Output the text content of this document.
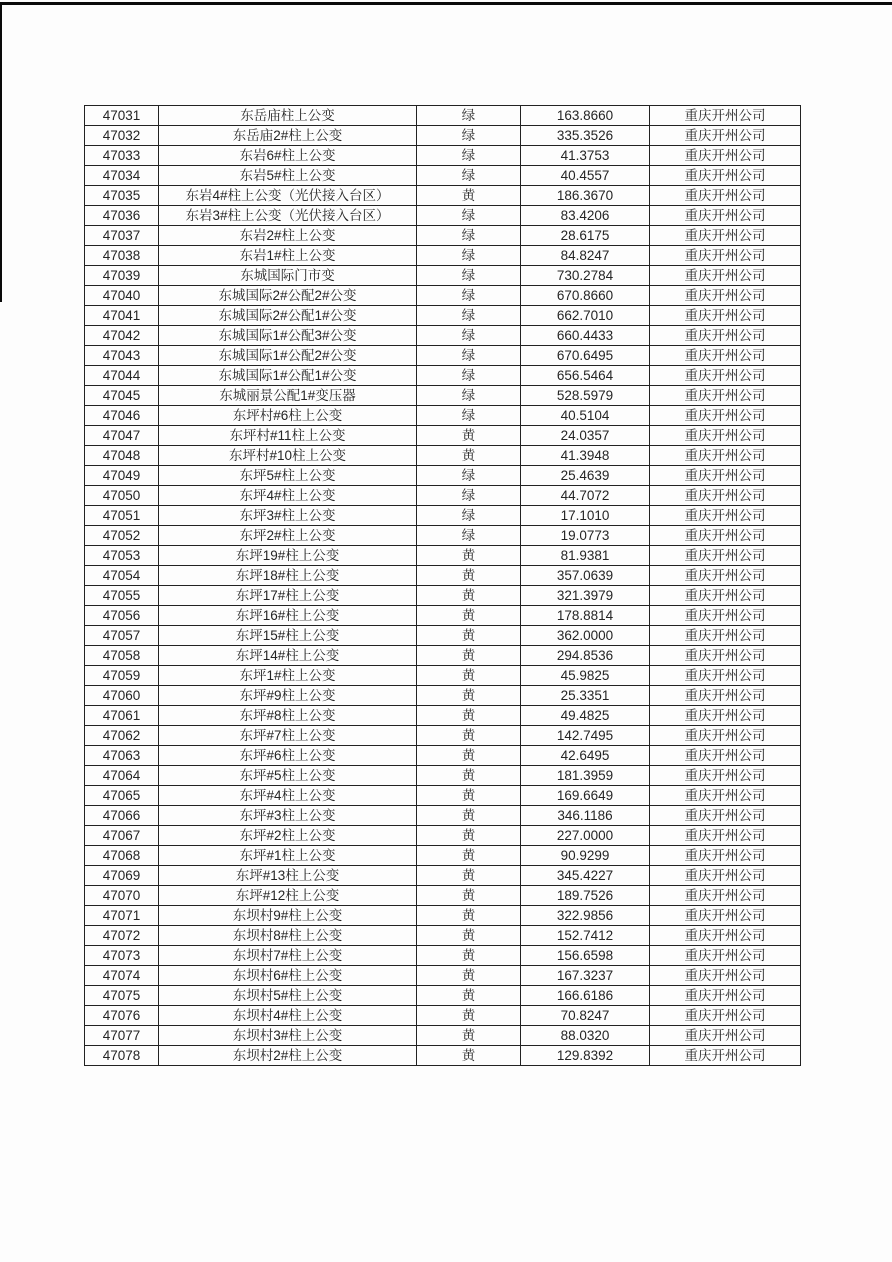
47031	东岳庙柱上公变	绿	163.8660	重庆开州公司
47032	东岳庙2#柱上公变	绿	335.3526	重庆开州公司
47033	东岩6#柱上公变	绿	41.3753	重庆开州公司
47034	东岩5#柱上公变	绿	40.4557	重庆开州公司
47035	东岩4#柱上公变（光伏接入台区）	黄	186.3670	重庆开州公司
47036	东岩3#柱上公变（光伏接入台区）	绿	83.4206	重庆开州公司
47037	东岩2#柱上公变	绿	28.6175	重庆开州公司
47038	东岩1#柱上公变	绿	84.8247	重庆开州公司
47039	东城国际门市变	绿	730.2784	重庆开州公司
47040	东城国际2#公配2#公变	绿	670.8660	重庆开州公司
47041	东城国际2#公配1#公变	绿	662.7010	重庆开州公司
47042	东城国际1#公配3#公变	绿	660.4433	重庆开州公司
47043	东城国际1#公配2#公变	绿	670.6495	重庆开州公司
47044	东城国际1#公配1#公变	绿	656.5464	重庆开州公司
47045	东城丽景公配1#变压器	绿	528.5979	重庆开州公司
47046	东坪村#6柱上公变	绿	40.5104	重庆开州公司
47047	东坪村#11柱上公变	黄	24.0357	重庆开州公司
47048	东坪村#10柱上公变	黄	41.3948	重庆开州公司
47049	东坪5#柱上公变	绿	25.4639	重庆开州公司
47050	东坪4#柱上公变	绿	44.7072	重庆开州公司
47051	东坪3#柱上公变	绿	17.1010	重庆开州公司
47052	东坪2#柱上公变	绿	19.0773	重庆开州公司
47053	东坪19#柱上公变	黄	81.9381	重庆开州公司
47054	东坪18#柱上公变	黄	357.0639	重庆开州公司
47055	东坪17#柱上公变	黄	321.3979	重庆开州公司
47056	东坪16#柱上公变	黄	178.8814	重庆开州公司
47057	东坪15#柱上公变	黄	362.0000	重庆开州公司
47058	东坪14#柱上公变	黄	294.8536	重庆开州公司
47059	东坪1#柱上公变	黄	45.9825	重庆开州公司
47060	东坪#9柱上公变	黄	25.3351	重庆开州公司
47061	东坪#8柱上公变	黄	49.4825	重庆开州公司
47062	东坪#7柱上公变	黄	142.7495	重庆开州公司
47063	东坪#6柱上公变	黄	42.6495	重庆开州公司
47064	东坪#5柱上公变	黄	181.3959	重庆开州公司
47065	东坪#4柱上公变	黄	169.6649	重庆开州公司
47066	东坪#3柱上公变	黄	346.1186	重庆开州公司
47067	东坪#2柱上公变	黄	227.0000	重庆开州公司
47068	东坪#1柱上公变	黄	90.9299	重庆开州公司
47069	东坪#13柱上公变	黄	345.4227	重庆开州公司
47070	东坪#12柱上公变	黄	189.7526	重庆开州公司
47071	东坝村9#柱上公变	黄	322.9856	重庆开州公司
47072	东坝村8#柱上公变	黄	152.7412	重庆开州公司
47073	东坝村7#柱上公变	黄	156.6598	重庆开州公司
47074	东坝村6#柱上公变	黄	167.3237	重庆开州公司
47075	东坝村5#柱上公变	黄	166.6186	重庆开州公司
47076	东坝村4#柱上公变	黄	70.8247	重庆开州公司
47077	东坝村3#柱上公变	黄	88.0320	重庆开州公司
47078	东坝村2#柱上公变	黄	129.8392	重庆开州公司
